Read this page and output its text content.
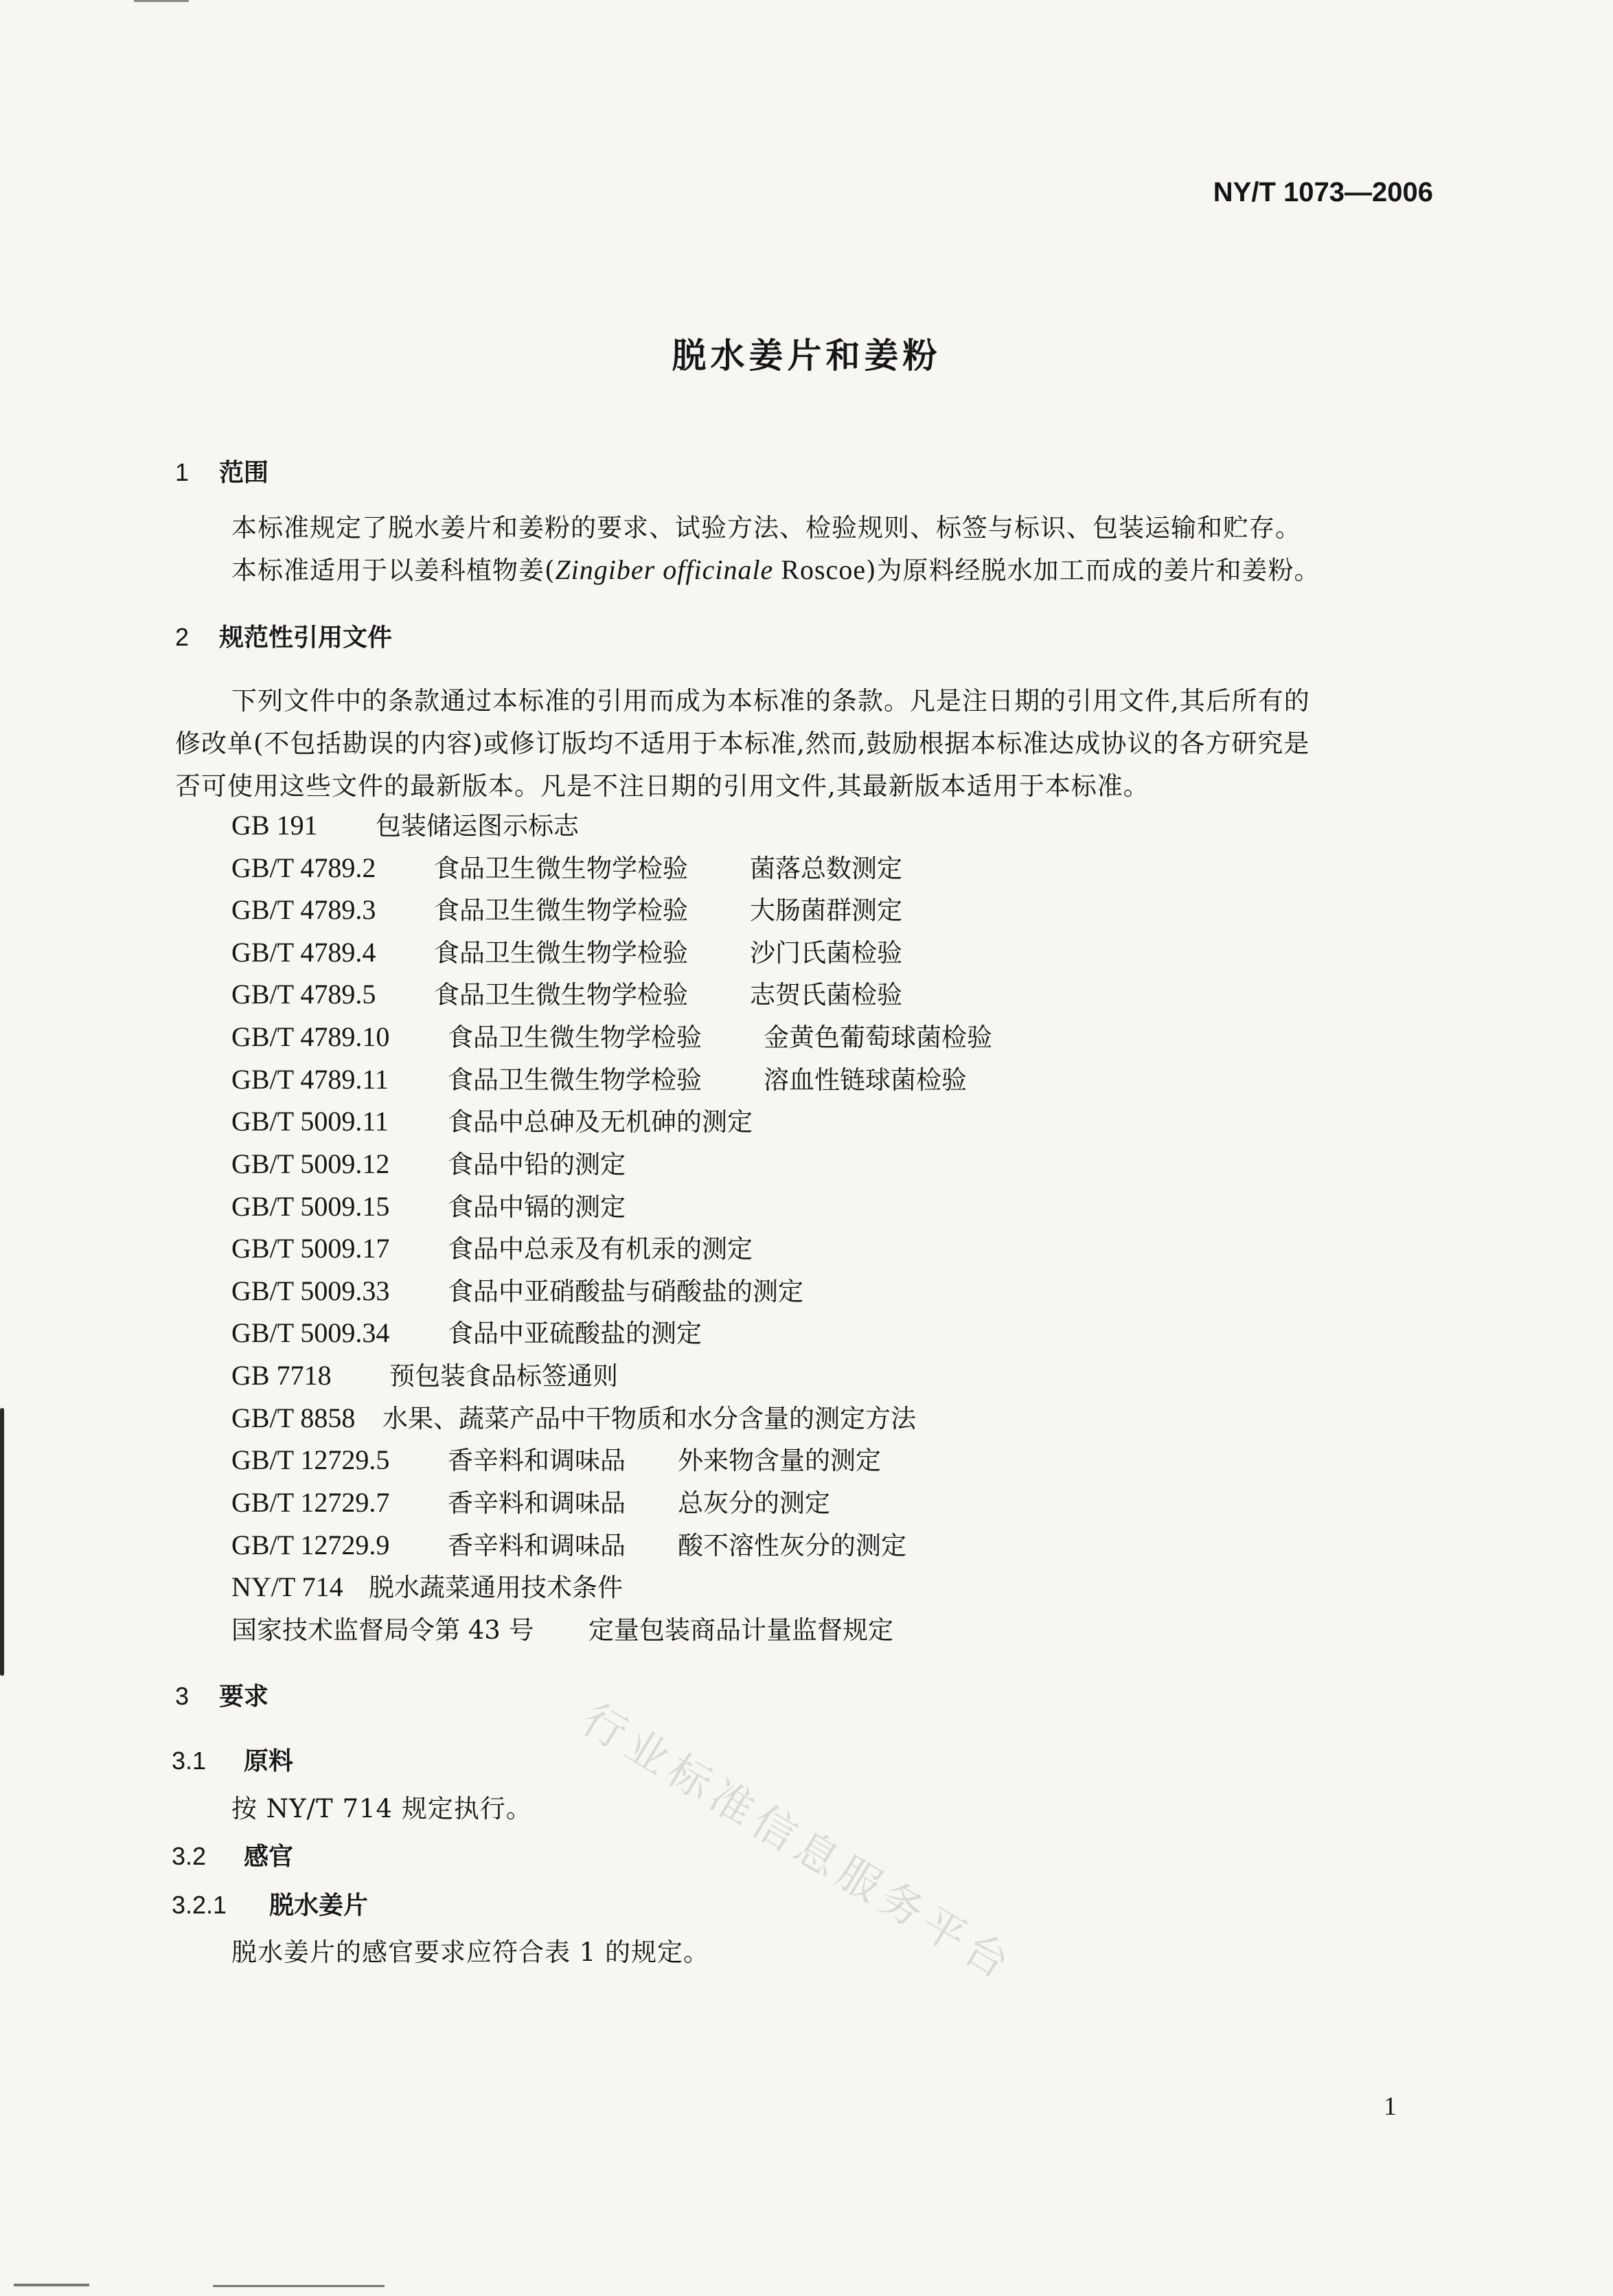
NY/T 1073—2006
脱水姜片和姜粉
1 范围
本标准规定了脱水姜片和姜粉的要求、试验方法、检验规则、标签与标识、包装运输和贮存。
本标准适用于以姜科植物姜(Zingiber officinale Roscoe)为原料经脱水加工而成的姜片和姜粉。
2 规范性引用文件
下列文件中的条款通过本标准的引用而成为本标准的条款。凡是注日期的引用文件,其后所有的
修改单(不包括勘误的内容)或修订版均不适用于本标准,然而,鼓励根据本标准达成协议的各方研究是
否可使用这些文件的最新版本。凡是不注日期的引用文件,其最新版本适用于本标准。
GB 191 包装储运图示标志
GB/T 4789.2 食品卫生微生物学检验 菌落总数测定
GB/T 4789.3 食品卫生微生物学检验 大肠菌群测定
GB/T 4789.4 食品卫生微生物学检验 沙门氏菌检验
GB/T 4789.5 食品卫生微生物学检验 志贺氏菌检验
GB/T 4789.10 食品卫生微生物学检验 金黄色葡萄球菌检验
GB/T 4789.11 食品卫生微生物学检验 溶血性链球菌检验
GB/T 5009.11 食品中总砷及无机砷的测定
GB/T 5009.12 食品中铅的测定
GB/T 5009.15 食品中镉的测定
GB/T 5009.17 食品中总汞及有机汞的测定
GB/T 5009.33 食品中亚硝酸盐与硝酸盐的测定
GB/T 5009.34 食品中亚硫酸盐的测定
GB 7718 预包装食品标签通则
GB/T 8858 水果、蔬菜产品中干物质和水分含量的测定方法
GB/T 12729.5 香辛料和调味品 外来物含量的测定
GB/T 12729.7 香辛料和调味品 总灰分的测定
GB/T 12729.9 香辛料和调味品 酸不溶性灰分的测定
NY/T 714 脱水蔬菜通用技术条件
国家技术监督局令第 43 号 定量包装商品计量监督规定
3 要求
3.1 原料
按 NY/T 714 规定执行。
3.2 感官
3.2.1 脱水姜片
脱水姜片的感官要求应符合表 1 的规定。
行业标准信息服务平台
1
